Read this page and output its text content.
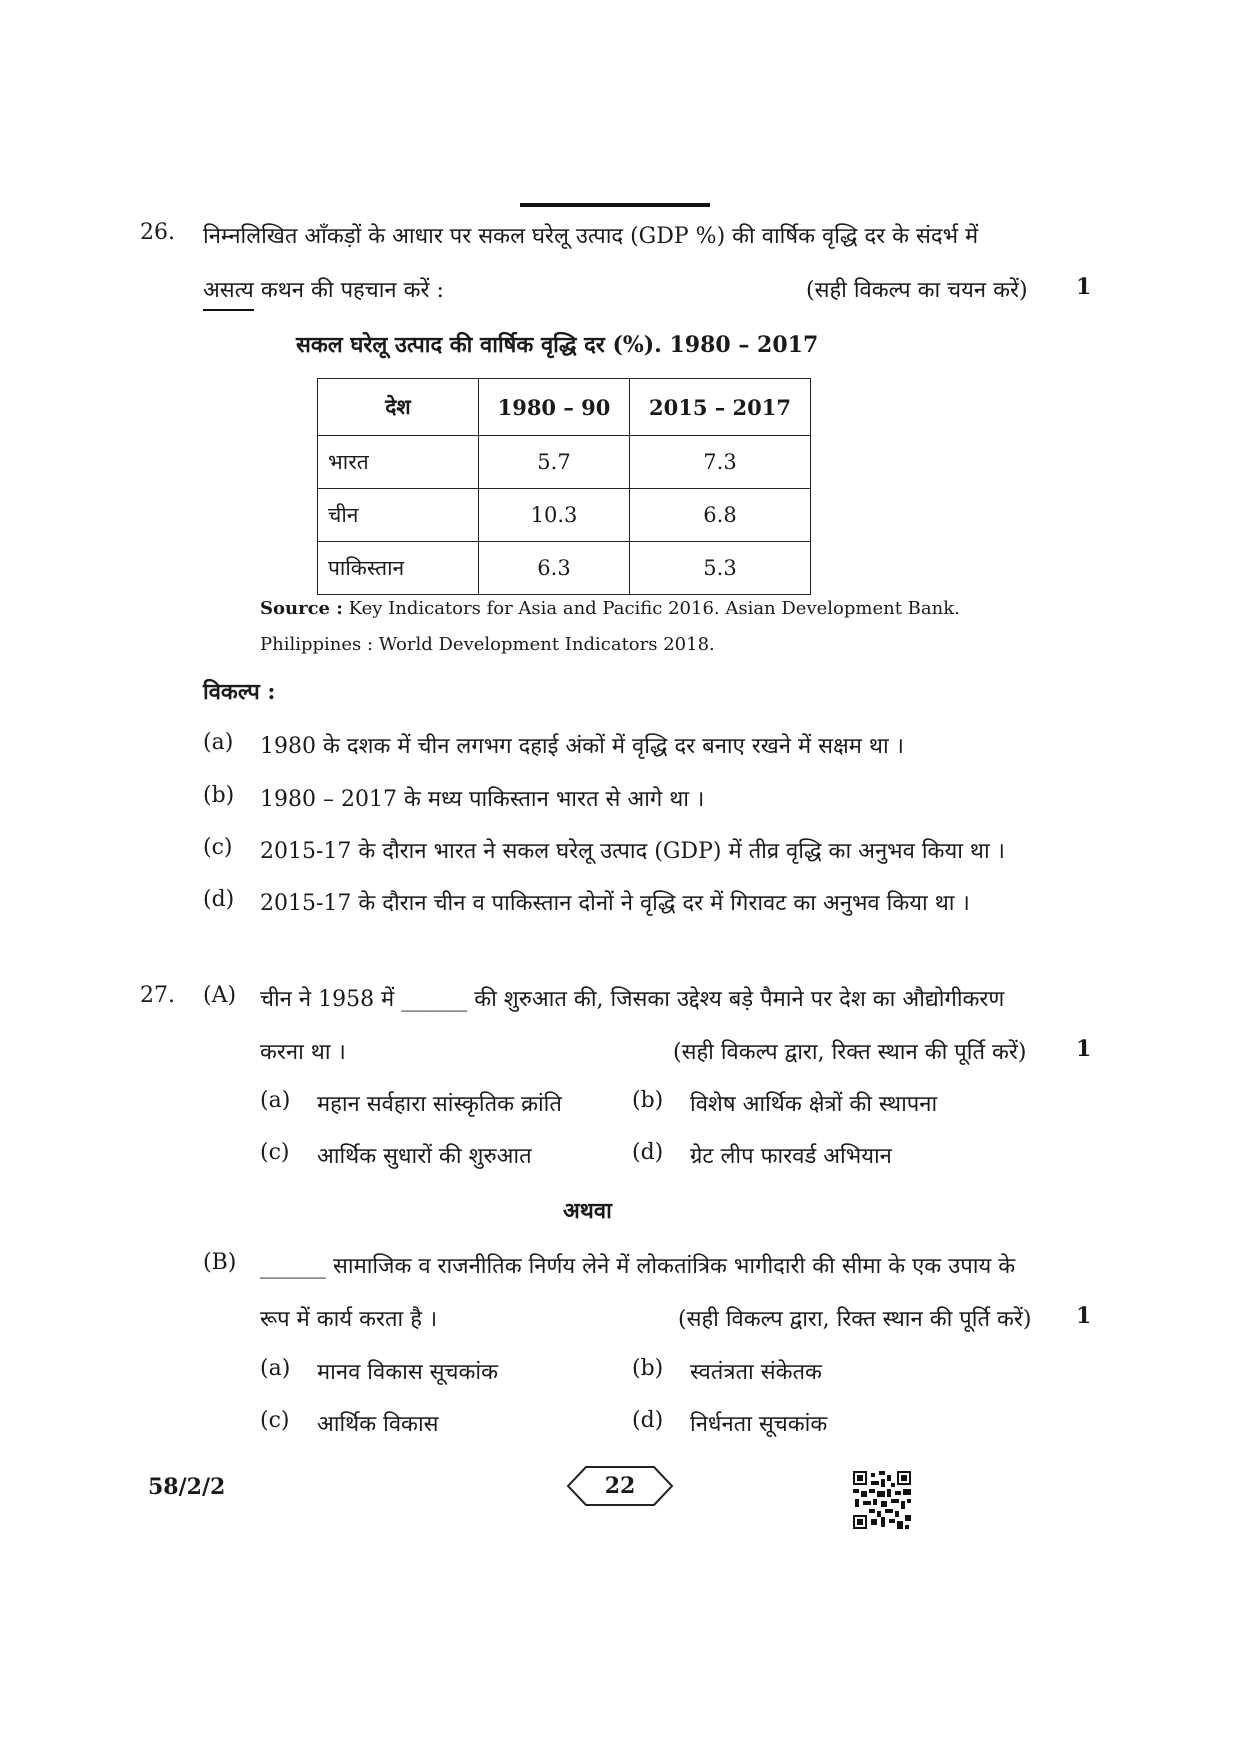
26. निम्नलिखित आँकड़ों के आधार पर सकल घरेलू उत्पाद (GDP %) की वार्षिक वृद्धि दर के संदर्भ में
असत्य कथन की पहचान करें :	(सही विकल्प का चयन करें) 1
सकल घरेलू उत्पाद की वार्षिक वृद्धि दर (%). 1980 – 2017
देश	1980 – 90	2015 – 2017
भारत	5.7	7.3
चीन	10.3	6.8
पाकिस्तान	6.3	5.3
Source : Key Indicators for Asia and Pacific 2016. Asian Development Bank.
Philippines : World Development Indicators 2018.
विकल्प :
(a) 1980 के दशक में चीन लगभग दहाई अंकों में वृद्धि दर बनाए रखने में सक्षम था ।
(b) 1980 – 2017 के मध्य पाकिस्तान भारत से आगे था ।
(c) 2015-17 के दौरान भारत ने सकल घरेलू उत्पाद (GDP) में तीव्र वृद्धि का अनुभव किया था ।
(d) 2015-17 के दौरान चीन व पाकिस्तान दोनों ने वृद्धि दर में गिरावट का अनुभव किया था ।
27. (A) चीन ने 1958 में ______ की शुरुआत की, जिसका उद्देश्य बड़े पैमाने पर देश का औद्योगीकरण
करना था ।	(सही विकल्प द्वारा, रिक्त स्थान की पूर्ति करें) 1
(a) महान सर्वहारा सांस्कृतिक क्रांति	(b) विशेष आर्थिक क्षेत्रों की स्थापना
(c) आर्थिक सुधारों की शुरुआत	(d) ग्रेट लीप फारवर्ड अभियान
अथवा
(B) ______ सामाजिक व राजनीतिक निर्णय लेने में लोकतांत्रिक भागीदारी की सीमा के एक उपाय के
रूप में कार्य करता है ।	(सही विकल्प द्वारा, रिक्त स्थान की पूर्ति करें) 1
(a) मानव विकास सूचकांक	(b) स्वतंत्रता संकेतक
(c) आर्थिक विकास	(d) निर्धनता सूचकांक
58/2/2	22
